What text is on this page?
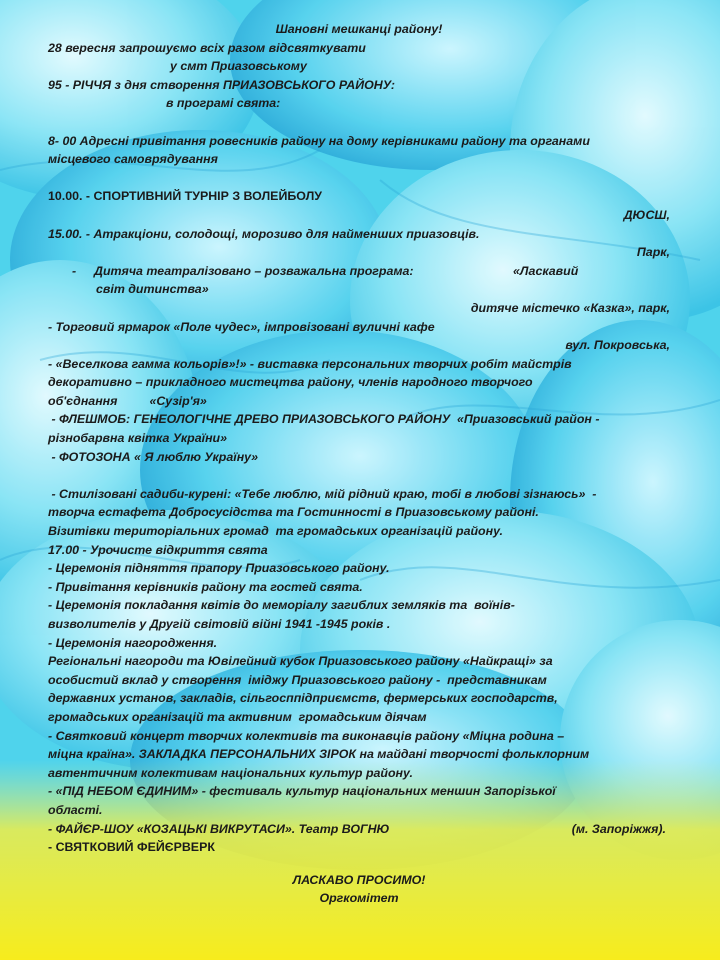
Шановні мешканці району!
28 вересня запрошуємо всіх разом відсвяткувати
у смт Приазовському
95 - РІЧЧЯ з дня створення ПРИАЗОВСЬКОГО РАЙОНУ:
в програмі свята:
8- 00 Адресні привітання ровесників району на дому керівниками району та органами
місцевого самоврядування
10.00. - СПОРТИВНИЙ ТУРНІР З ВОЛЕЙБОЛУ
ДЮСШ,
15.00. - Атракціони, солодощі, морозиво для найменших приазовців.
Парк,
-	Дитяча театралізовано – розважальна програма:	«Ласкавий
світ дитинства»
дитяче містечко «Казка», парк,
- Торговий ярмарок «Поле чудес», імпровізовані вуличні кафе
вул. Покровська,
- «Веселкова гамма кольорів»!» - виставка персональних творчих робіт майстрів
декоративно – прикладного мистецтва району, членів народного творчого
об'єднання	«Сузір'я»
- ФЛЕШМОБ: ГЕНЕОЛОГІЧНЕ ДРЕВО ПРИАЗОВСЬКОГО РАЙОНУ  «Приазовський район -
різнобарвна квітка України»
- ФОТОЗОНА « Я люблю Україну»
- Стилізовані садиби-курені: «Тебе люблю, мій рідний краю, тобі в любові зізнаюсь»  -
творча естафета Добросусідства та Гостинності в Приазовському районі.
Візитівки територіальних громад  та громадських організацій району.
17.00 - Урочисте відкриття свята
- Церемонія підняття прапору Приазовського району.
- Привітання керівників району та гостей свята.
- Церемонія покладання квітів до меморіалу загиблих земляків та  воїнів-
визволителів у Другій світовій війні 1941 -1945 років .
- Церемонія нагородження.
Регіональні нагороди та Ювілейний кубок Приазовського району «Найкращі» за
особистий вклад у створення  іміджу Приазовського району -  представникам
державних установ, закладів, сільгосппідприємств, фермерських господарств,
громадських організацій та активним  громадським діячам
- Святковий концерт творчих колективів та виконавців району «Міцна родина –
міцна країна». ЗАКЛАДКА ПЕРСОНАЛЬНИХ ЗІРОК на майдані творчості фольклорним
автентичним колективам національних культур району.
- «ПІД НЕБОМ ЄДИНИМ» - фестиваль культур національних меншин Запорізької
області.
- ФАЙЄР-ШОУ «КОЗАЦЬКІ ВИКРУТАСИ». Театр ВОГНЮ	(м. Запоріжжя).
- СВЯТКОВИЙ ФЕЙЄРВЕРК
ЛАСКАВО ПРОСИМО!
Оргкомітет
